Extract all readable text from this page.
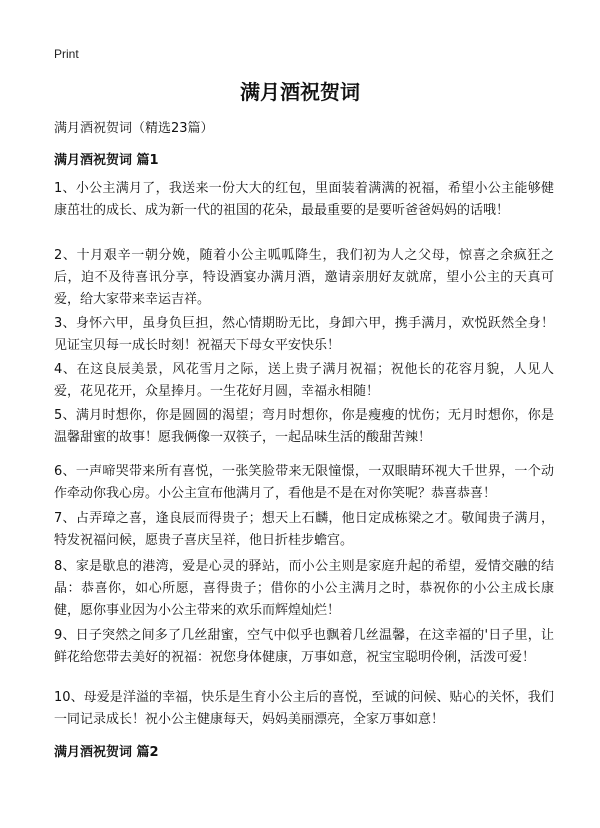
Print
满月酒祝贺词

满月酒祝贺词（精选23篇）

满月酒祝贺词 篇1

1、小公主满月了，我送来一份大大的红包，里面装着满满的祝福，希望小公主能够健康茁壮的成长、成为新一代的祖国的花朵，最最重要的是要听爸爸妈妈的话哦！

2、十月艰辛一朝分娩，随着小公主呱呱降生，我们初为人之父母，惊喜之余疯狂之后，迫不及待喜讯分享，特设酒宴办满月酒，邀请亲朋好友就席，望小公主的天真可爱，给大家带来幸运吉祥。

3、身怀六甲，虽身负巨担，然心情期盼无比，身卸六甲，携手满月，欢悦跃然全身！见证宝贝每一成长时刻！祝福天下母女平安快乐！

4、在这良辰美景，风花雪月之际，送上贵子满月祝福；祝他长的花容月貌，人见人爱，花见花开，众星捧月。一生花好月圆，幸福永相随！

5、满月时想你，你是圆圆的渴望；弯月时想你，你是瘦瘦的忧伤；无月时想你，你是温馨甜蜜的故事！愿我俩像一双筷子，一起品味生活的酸甜苦辣！

6、一声啼哭带来所有喜悦，一张笑脸带来无限憧憬，一双眼睛环视大千世界，一个动作牵动你我心房。小公主宣布他满月了，看他是不是在对你笑呢？恭喜恭喜！

7、占弄璋之喜，逢良辰而得贵子；想天上石麟，他日定成栋梁之才。敬闻贵子满月，特发祝福问候，愿贵子喜庆呈祥，他日折桂步蟾宫。

8、家是歇息的港湾，爱是心灵的驿站，而小公主则是家庭升起的希望，爱情交融的结晶：恭喜你，如心所愿，喜得贵子；借你的小公主满月之时，恭祝你的小公主成长康健，愿你事业因为小公主带来的欢乐而辉煌灿烂！

9、日子突然之间多了几丝甜蜜，空气中似乎也飘着几丝温馨，在这幸福的'日子里，让鲜花给您带去美好的祝福：祝您身体健康，万事如意，祝宝宝聪明伶俐，活泼可爱！

10、母爱是洋溢的幸福，快乐是生育小公主后的喜悦，至诚的问候、贴心的关怀，我们一同记录成长！祝小公主健康每天，妈妈美丽漂亮，全家万事如意！

满月酒祝贺词 篇2
